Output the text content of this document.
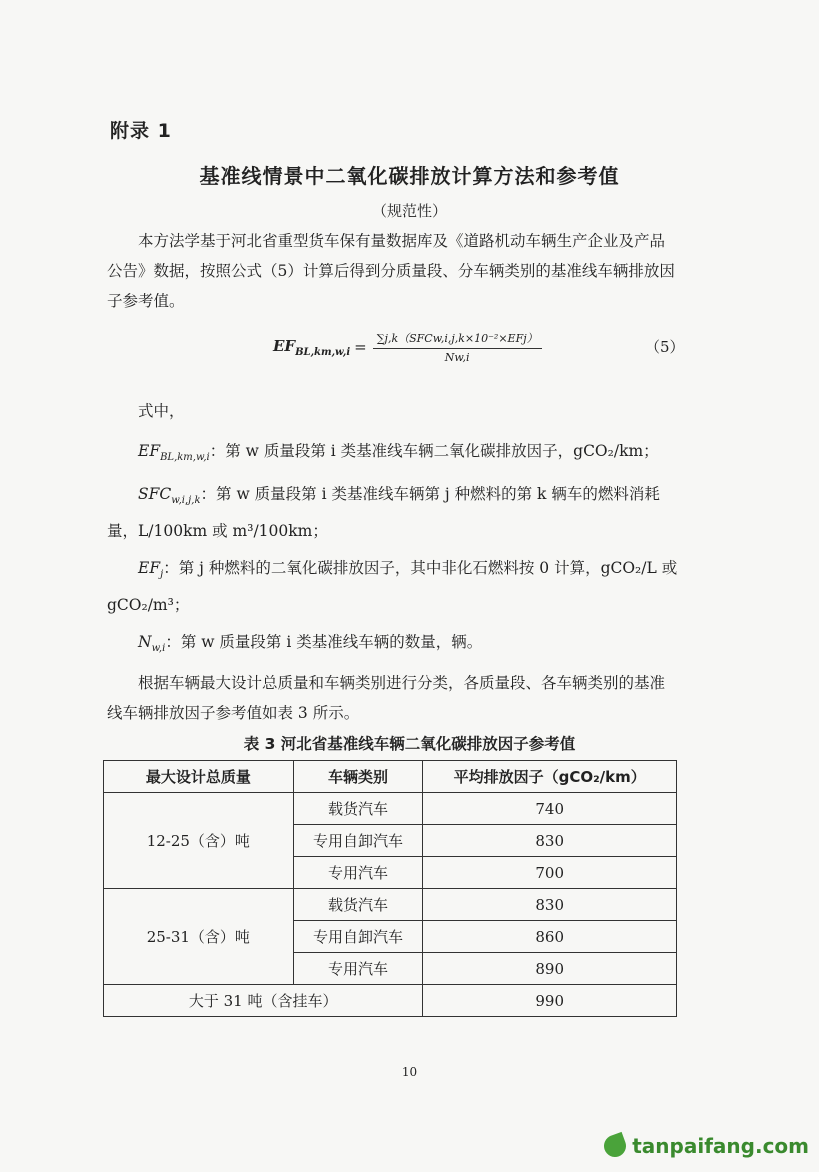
附录 1
基准线情景中二氧化碳排放计算方法和参考值
（规范性）
本方法学基于河北省重型货车保有量数据库及《道路机动车辆生产企业及产品公告》数据，按照公式（5）计算后得到分质量段、分车辆类别的基准线车辆排放因子参考值。
$EF_{BL,km,w,i} = \frac{\text{∑j,k（SFCw,i,j,k×10⁻²×EFj）}}{Nw,i}$	（5）
式中，
$EF_{BL,km,w,i}$：第 w 质量段第 i 类基准线车辆二氧化碳排放因子，gCO₂/km；
$SFC_{w,i,j,k}$：第 w 质量段第 i 类基准线车辆第 j 种燃料的第 k 辆车的燃料消耗量，L/100km 或 m³/100km；
$EF_j$：第 j 种燃料的二氧化碳排放因子，其中非化石燃料按 0 计算，gCO₂/L 或 gCO₂/m³；
$N_{w,i}$：第 w 质量段第 i 类基准线车辆的数量，辆。
根据车辆最大设计总质量和车辆类别进行分类，各质量段、各车辆类别的基准线车辆排放因子参考值如表 3 所示。
表 3 河北省基准线车辆二氧化碳排放因子参考值
最大设计总质量	车辆类别	平均排放因子（gCO₂/km）
12-25（含）吨	载货汽车	740
	专用自卸汽车	830
	专用汽车	700
25-31（含）吨	载货汽车	830
	专用自卸汽车	860
	专用汽车	890
大于 31 吨（含挂车）		990
10
tanpaifang.com
